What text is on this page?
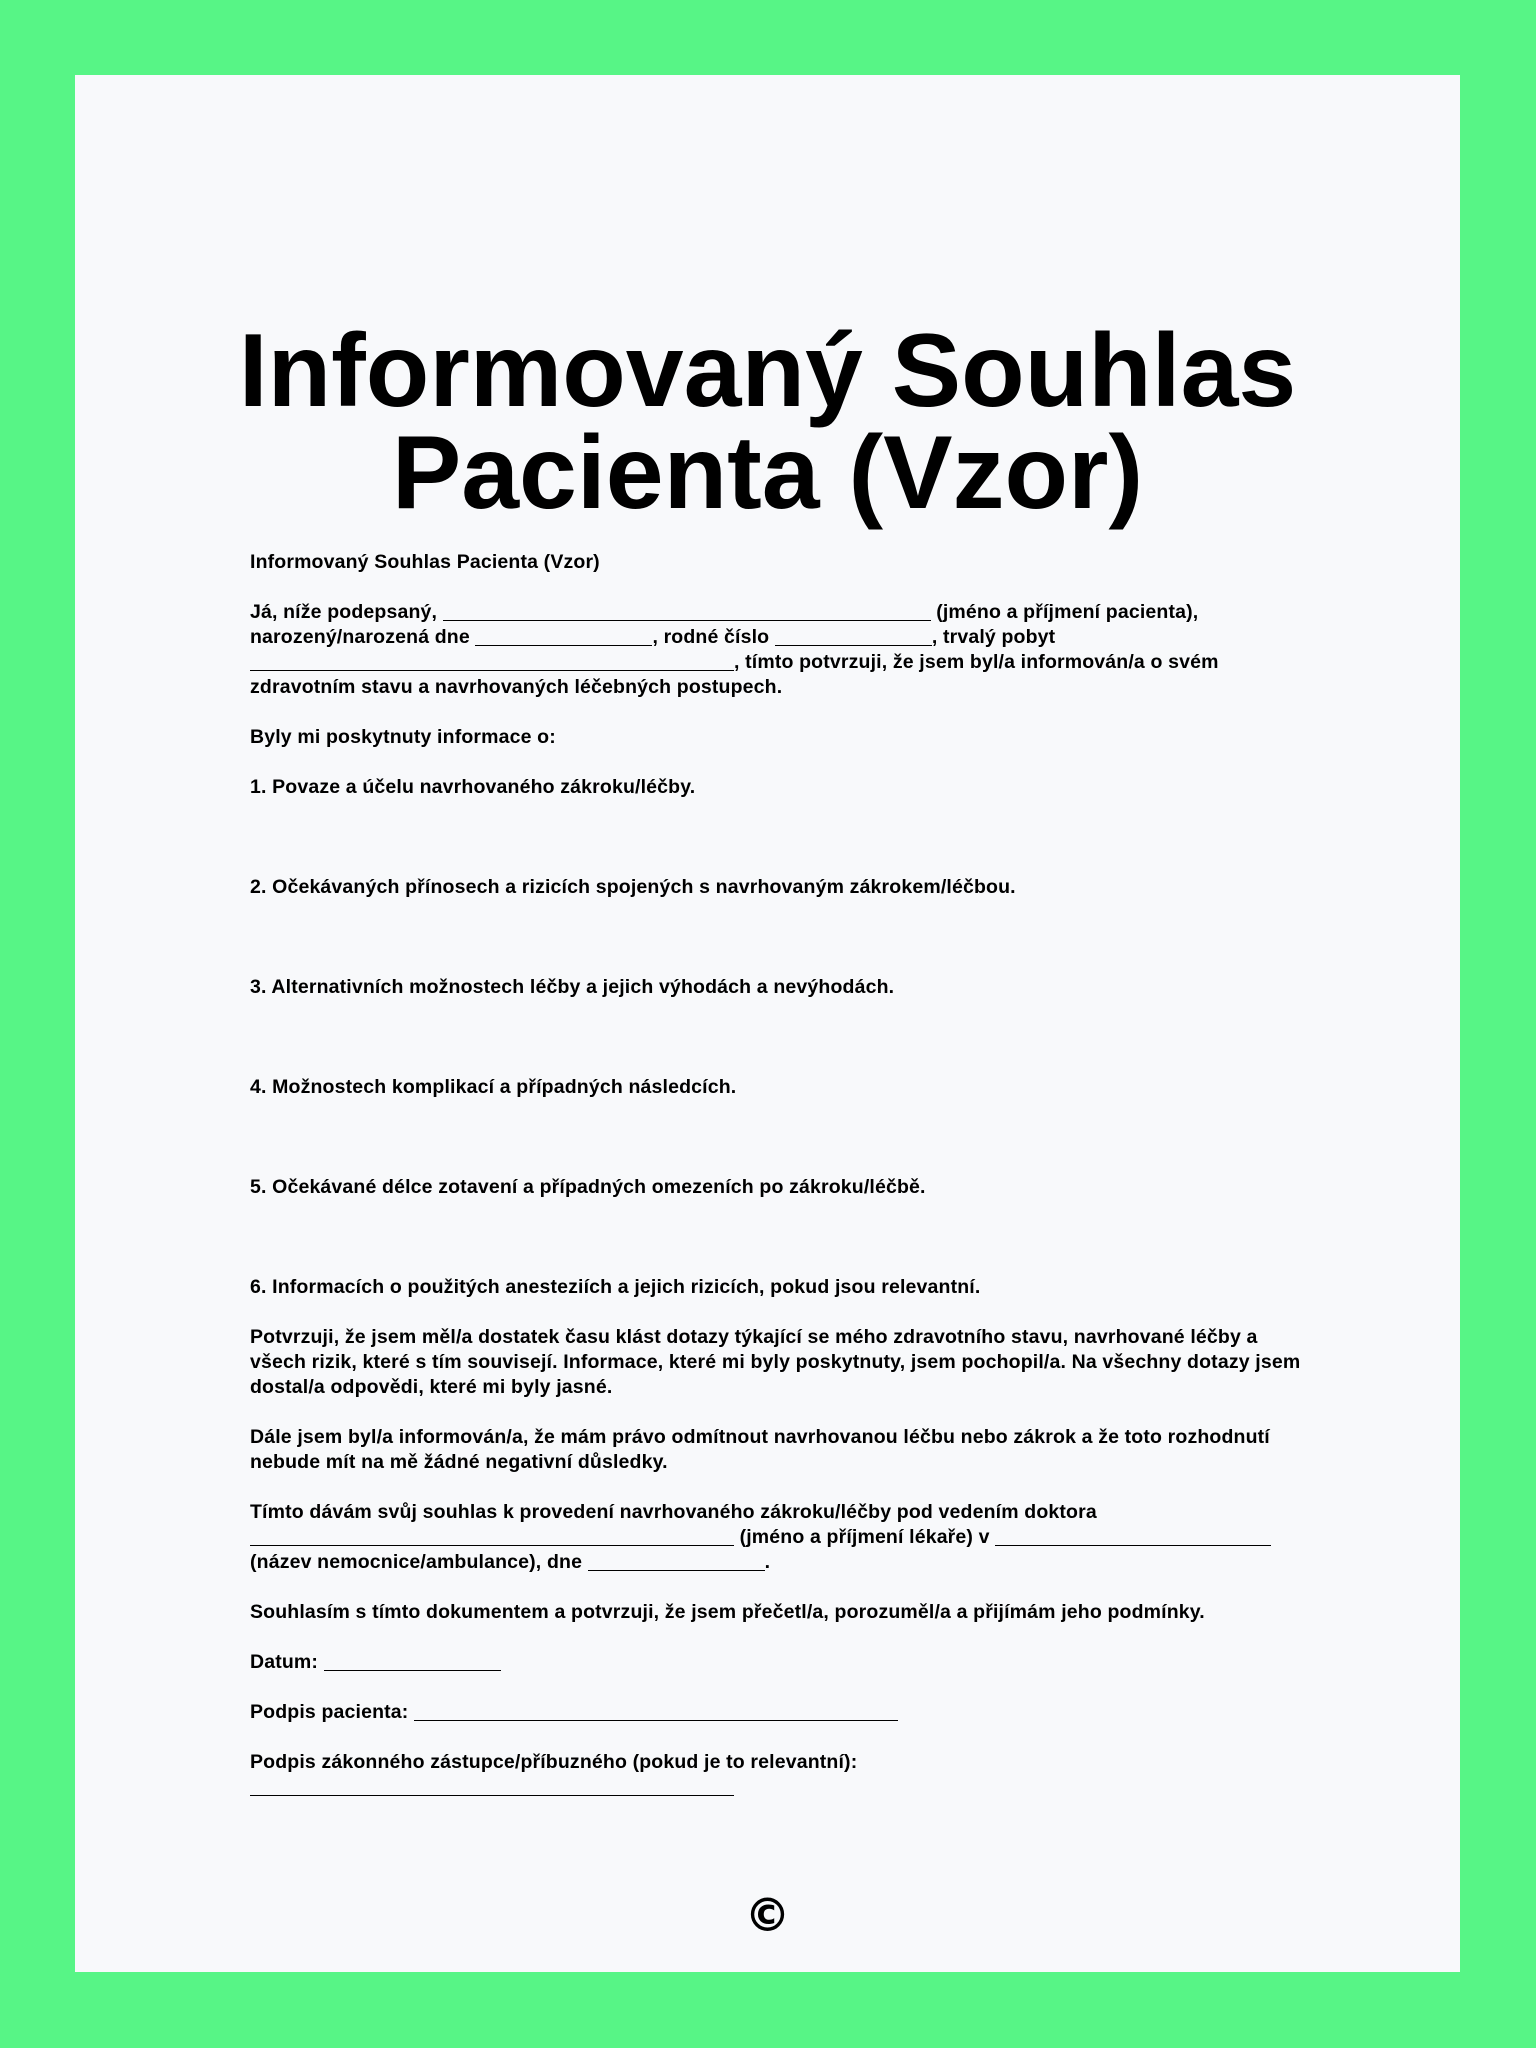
Informovaný Souhlas Pacienta (Vzor)

Informovaný Souhlas Pacienta (Vzor)

Já, níže podepsaný,	(jméno a příjmení pacienta), narozený/narozená dne	, rodné číslo	, trvalý pobyt , tímto potvrzuji, že jsem byl/a informován/a o svém zdravotním stavu a navrhovaných léčebných postupech.

Byly mi poskytnuty informace o:

1. Povaze a účelu navrhovaného zákroku/léčby.

2. Očekávaných přínosech a rizicích spojených s navrhovaným zákrokem/léčbou.

3. Alternativních možnostech léčby a jejich výhodách a nevýhodách.

4. Možnostech komplikací a případných následcích.

5. Očekávané délce zotavení a případných omezeních po zákroku/léčbě.

6. Informacích o použitých anesteziích a jejich rizicích, pokud jsou relevantní.

Potvrzuji, že jsem měl/a dostatek času klást dotazy týkající se mého zdravotního stavu, navrhované léčby a všech rizik, které s tím souvisejí. Informace, které mi byly poskytnuty, jsem pochopil/a. Na všechny dotazy jsem dostal/a odpovědi, které mi byly jasné.

Dále jsem byl/a informován/a, že mám právo odmítnout navrhovanou léčbu nebo zákrok a že toto rozhodnutí nebude mít na mě žádné negativní důsledky.

Tímto dávám svůj souhlas k provedení navrhovaného zákroku/léčby pod vedením doktora  (jméno a příjmení lékaře) v  (název nemocnice/ambulance), dne	.

Souhlasím s tímto dokumentem a potvrzuji, že jsem přečetl/a, porozuměl/a a přijímám jeho podmínky.

Datum:

Podpis pacienta:

Podpis zákonného zástupce/příbuzného (pokud je to relevantní):

©
